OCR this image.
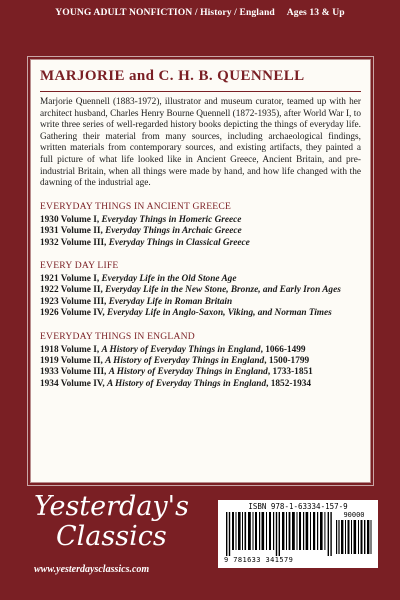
YOUNG ADULT NONFICTION / History / England     Ages 13 & Up
MARJORIE and C. H. B. QUENNELL

Marjorie Quennell (1883-1972), illustrator and museum curator, teamed up with her architect husband, Charles Henry Bourne Quennell (1872-1935), after World War I, to write three series of well-regarded history books depicting the things of everyday life. Gathering their material from many sources, including archaeological findings, written materials from contemporary sources, and existing artifacts, they painted a full picture of what life looked like in Ancient Greece, Ancient Britain, and pre-industrial Britain, when all things were made by hand, and how life changed with the dawning of the industrial age.

EVERYDAY THINGS IN ANCIENT GREECE
1930 Volume I, Everyday Things in Homeric Greece
1931 Volume II, Everyday Things in Archaic Greece
1932 Volume III, Everyday Things in Classical Greece
EVERY DAY LIFE
1921 Volume I, Everyday Life in the Old Stone Age
1922 Volume II, Everyday Life in the New Stone, Bronze, and Early Iron Ages
1923 Volume III, Everyday Life in Roman Britain
1926 Volume IV, Everyday Life in Anglo-Saxon, Viking, and Norman Times
EVERYDAY THINGS IN ENGLAND
1918 Volume I, A History of Everyday Things in England, 1066-1499
1919 Volume II, A History of Everyday Things in England, 1500-1799
1933 Volume III, A History of Everyday Things in England, 1733-1851
1934 Volume IV, A History of Everyday Things in England, 1852-1934
Yesterday's
Classics
www.yesterdaysclassics.com
ISBN 978-1-63334-157-9
90000
9 781633 341579
